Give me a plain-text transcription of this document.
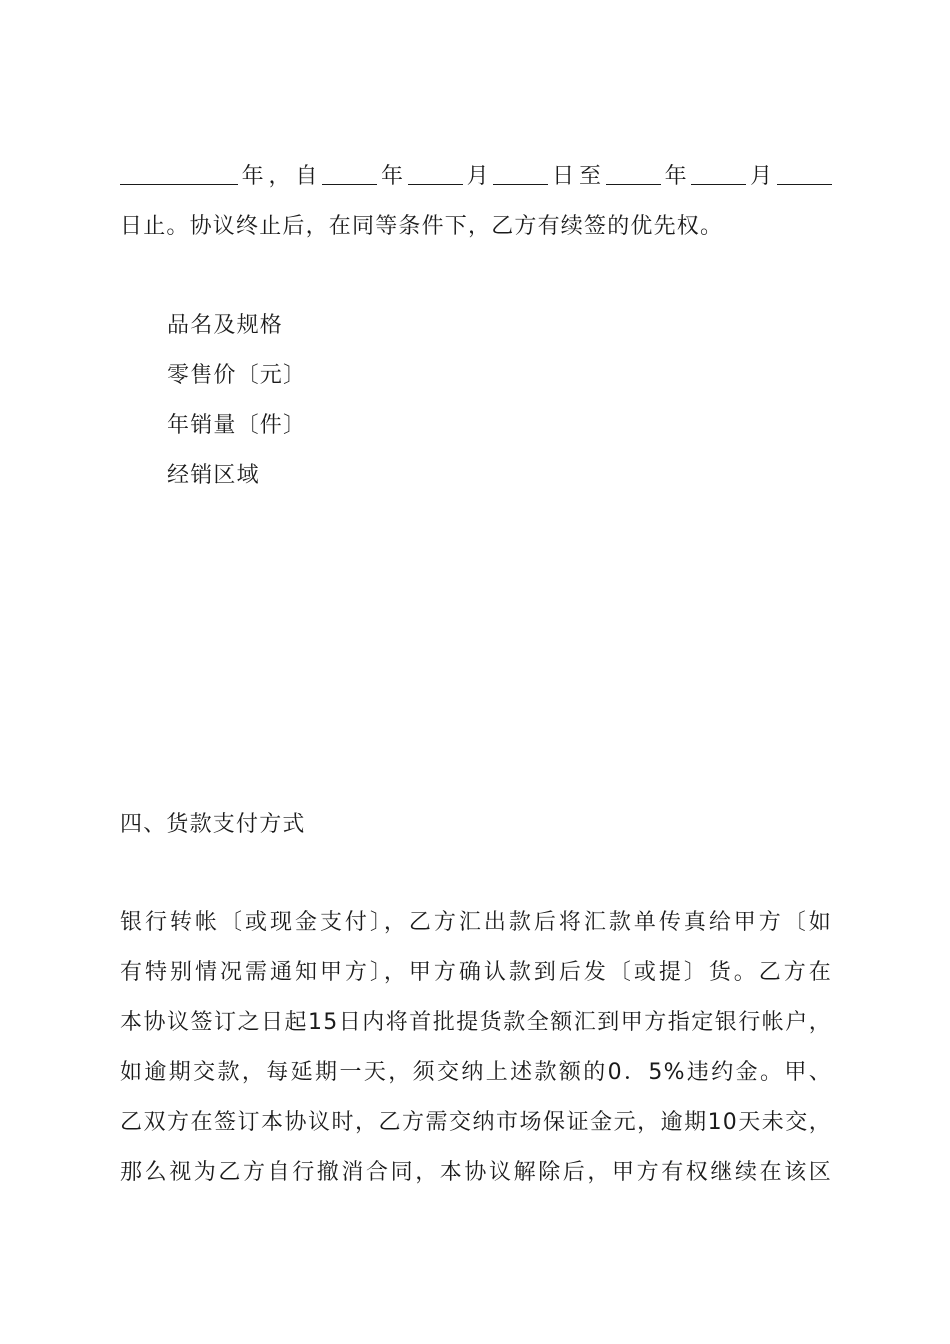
年，自	年	月	日至	年	月
日止。协议终止后，在同等条件下，乙方有续签的优先权。
品名及规格
零售价〔元〕
年销量〔件〕
经销区域
四、货款支付方式
银行转帐〔或现金支付〕，乙方汇出款后将汇款单传真给甲方〔如
有特别情况需通知甲方〕，甲方确认款到后发〔或提〕货。乙方在
本协议签订之日起15日内将首批提货款全额汇到甲方指定银行帐户，
如逾期交款，每延期一天，须交纳上述款额的0．5%违约金。甲、
乙双方在签订本协议时，乙方需交纳市场保证金元，逾期10天未交，
那么视为乙方自行撤消合同，本协议解除后，甲方有权继续在该区
